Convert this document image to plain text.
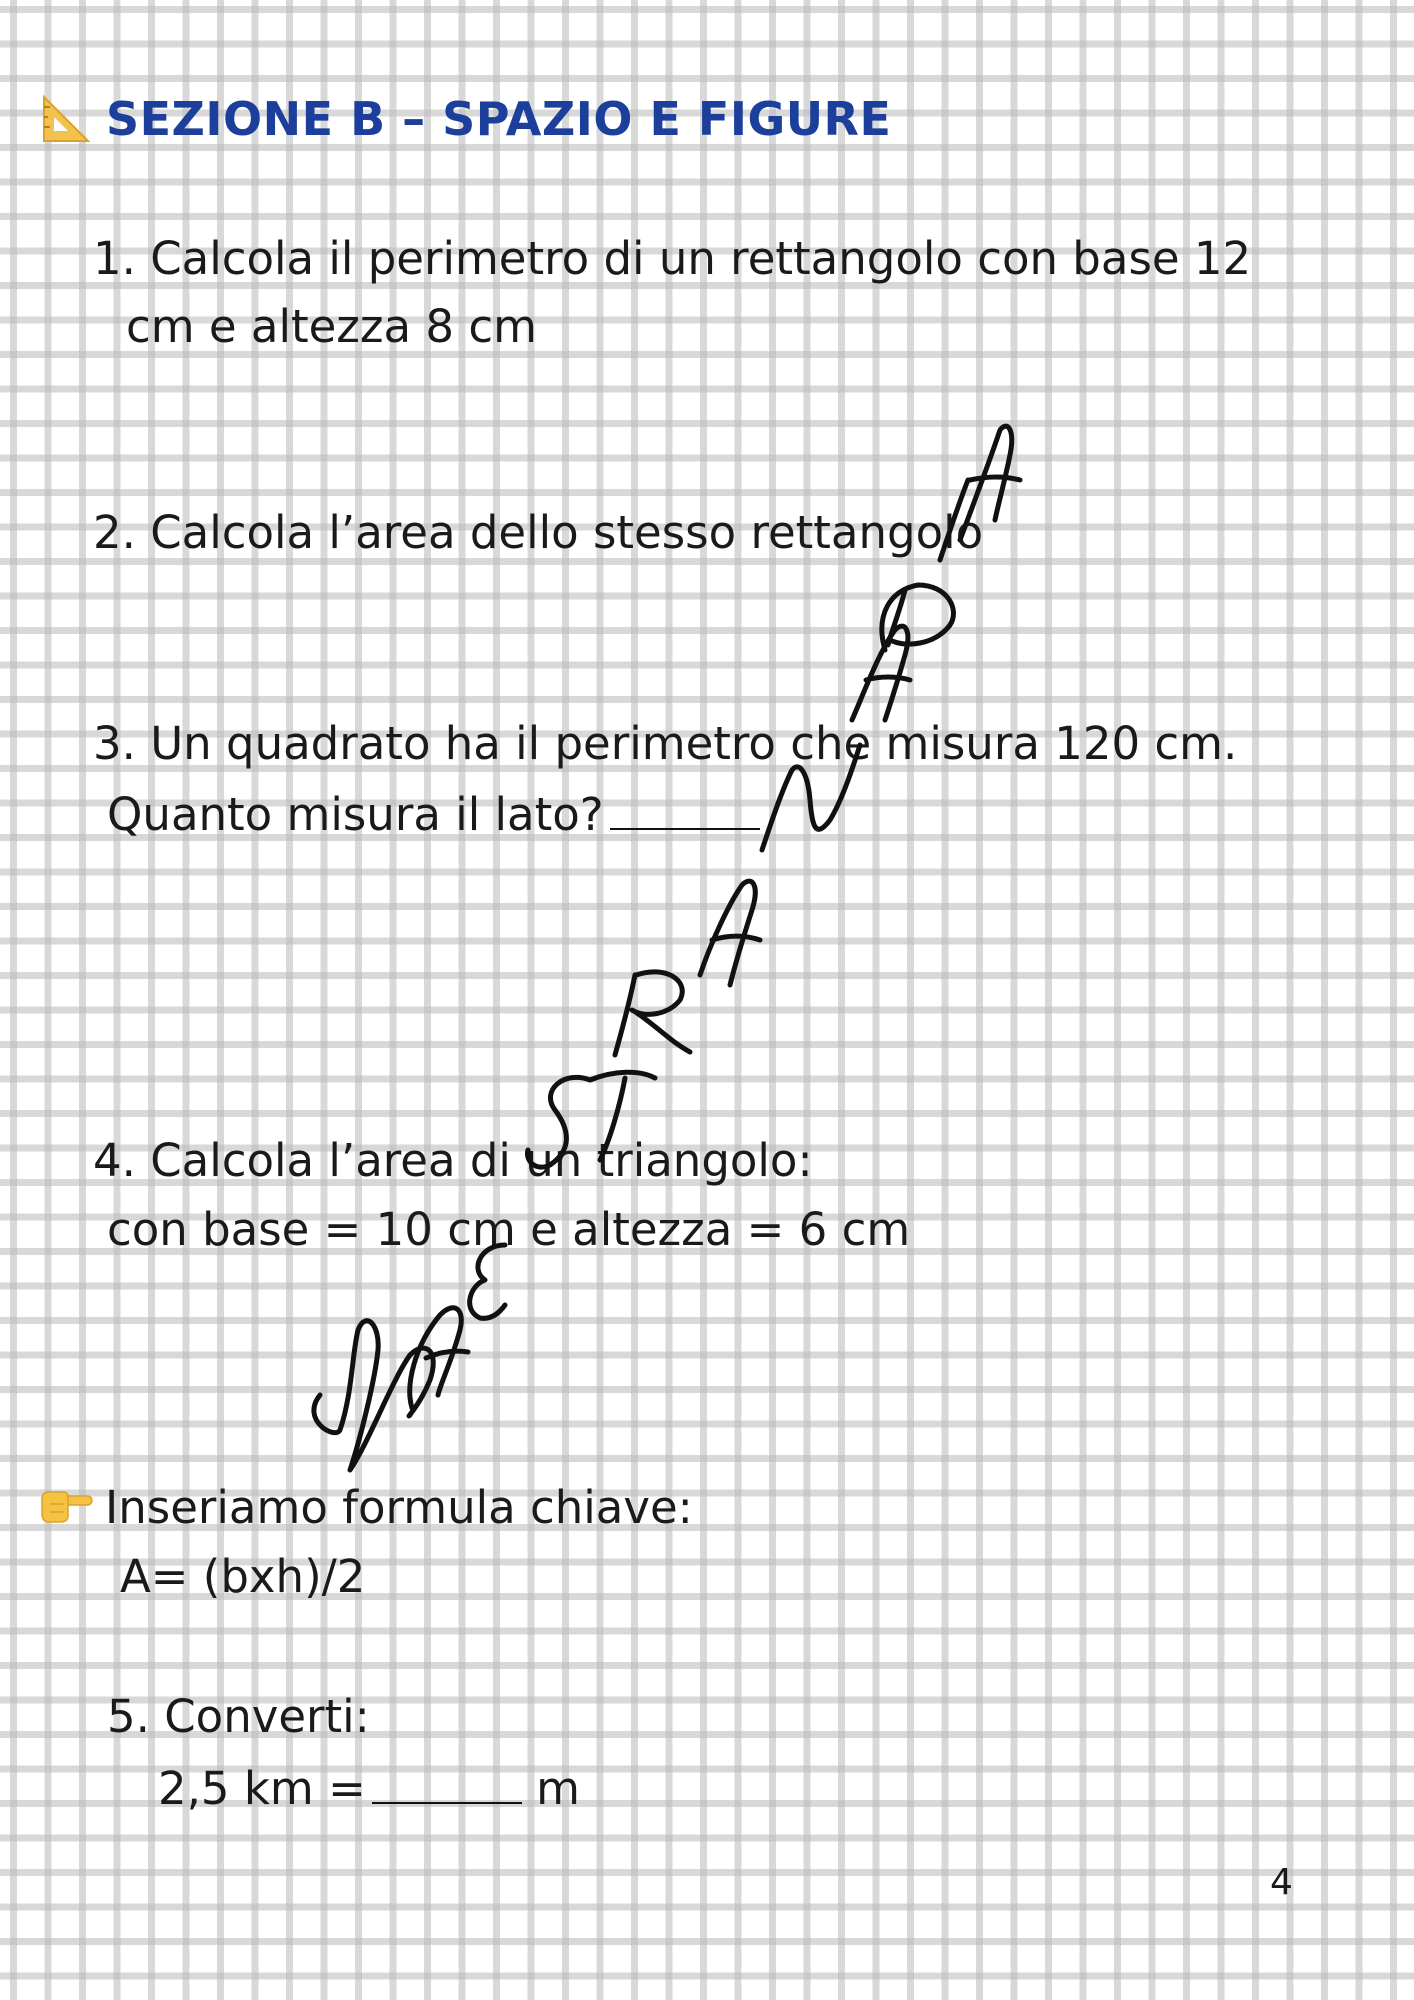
SEZIONE B – SPAZIO E FIGURE
1. Calcola il perimetro di un rettangolo con base 12
cm e altezza 8 cm
2. Calcola l’area dello stesso rettangolo
3. Un quadrato ha il perimetro che misura 120 cm.
Quanto misura il lato?
4. Calcola l’area di un triangolo:
con base = 10 cm e altezza = 6 cm
Inseriamo formula chiave:
A= (bxh)/2
5. Converti:
2,5 km =	m
4
